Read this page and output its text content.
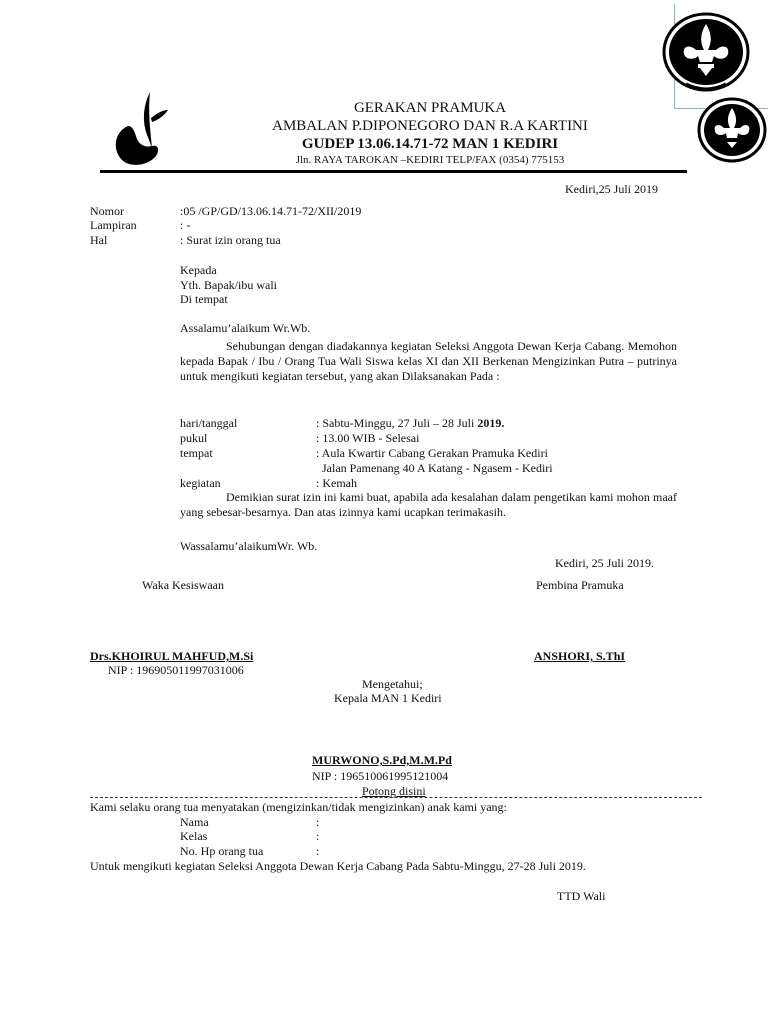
GERAKAN PRAMUKA
AMBALAN P.DIPONEGORO DAN R.A KARTINI
GUDEP 13.06.14.71-72 MAN 1 KEDIRI
Jln. RAYA TAROKAN –KEDIRI TELP/FAX (0354) 775153
Kediri,25 Juli 2019
Nomor	:05 /GP/GD/13.06.14.71-72/XII/2019
Lampiran	: -
Hal	: Surat izin orang tua
Kepada
Yth. Bapak/ibu wali
Di tempat
Assalamu’alaikum Wr.Wb.
Sehubungan dengan diadakannya kegiatan Seleksi Anggota Dewan Kerja Cabang. Memohon kepada Bapak / Ibu / Orang Tua Wali Siswa kelas XI dan XII Berkenan Mengizinkan Putra – putrinya untuk mengikuti kegiatan tersebut, yang akan Dilaksanakan Pada :
hari/tanggal	: Sabtu-Minggu, 27 Juli – 28 Juli 2019.
pukul	: 13.00 WIB - Selesai
tempat	: Aula Kwartir Cabang Gerakan Pramuka Kediri
Jalan Pamenang 40 A Katang - Ngasem - Kediri
kegiatan	: Kemah
Demikian surat izin ini kami buat, apabila ada kesalahan dalam pengetikan kami mohon maaf yang sebesar-besarnya. Dan atas izinnya kami ucapkan terimakasih.
Wassalamu’alaikumWr. Wb.
Kediri, 25 Juli 2019.
Waka Kesiswaan	Pembina Pramuka
Drs.KHOIRUL MAHFUD,M.Si
NIP : 196905011997031006
ANSHORI, S.ThI
Mengetahui;
Kepala MAN 1 Kediri
MURWONO,S.Pd,M.M.Pd
NIP : 196510061995121004
Potong disini
Kami selaku orang tua menyatakan (mengizinkan/tidak mengizinkan) anak kami yang:
Nama	:
Kelas	:
No. Hp orang tua	:
Untuk mengikuti kegiatan Seleksi Anggota Dewan Kerja Cabang Pada Sabtu-Minggu, 27-28 Juli 2019.
TTD Wali
